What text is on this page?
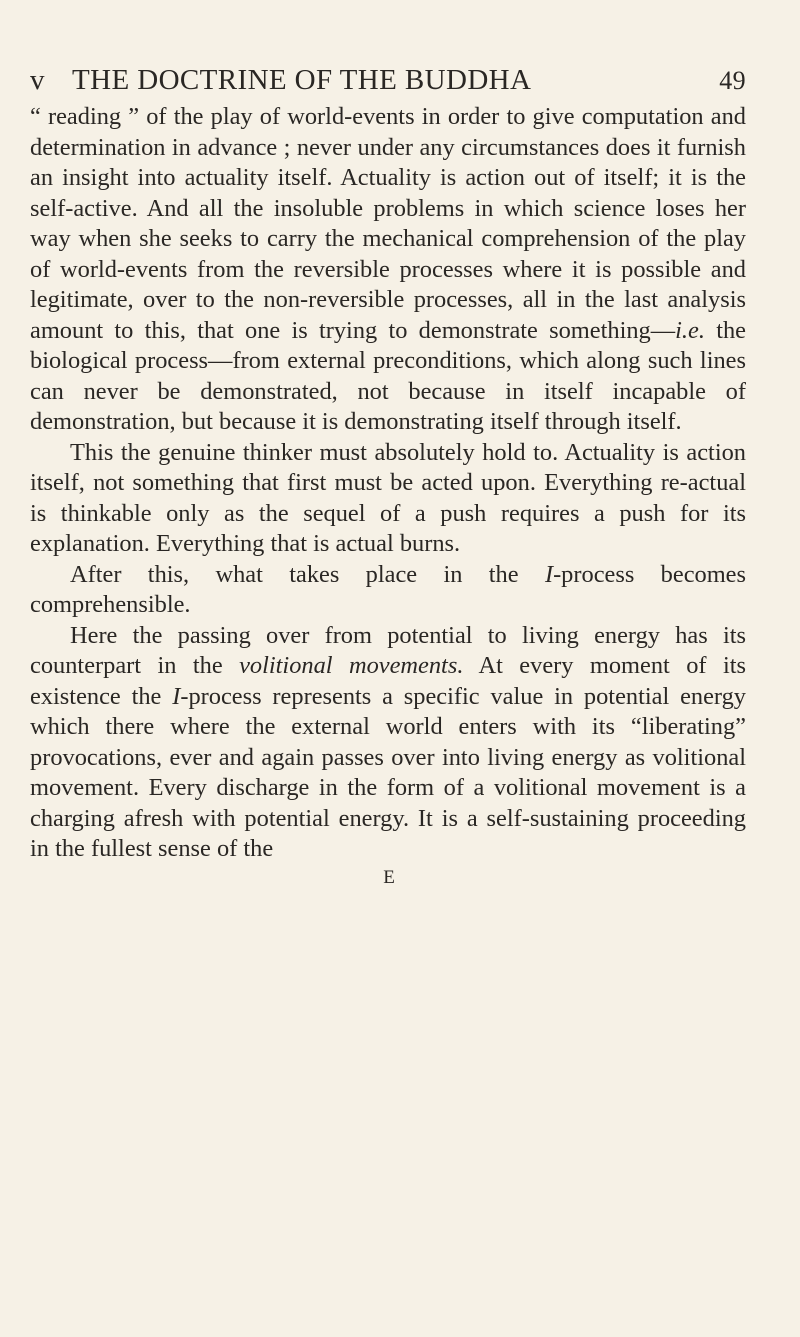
v THE DOCTRINE OF THE BUDDHA	49

“ reading ” of the play of world-events in order to give computation and determination in advance ; never under any circumstances does it furnish an insight into actuality itself. Actuality is action out of itself; it is the self-active. And all the insoluble problems in which science loses her way when she seeks to carry the mechanical comprehension of the play of world-events from the reversible processes where it is possible and legitimate, over to the non-reversible processes, all in the last analysis amount to this, that one is trying to demonstrate something—i.e. the biological process—from external preconditions, which along such lines can never be demonstrated, not because in itself incapable of demonstration, but because it is demonstrating itself through itself.

This the genuine thinker must absolutely hold to. Actuality is action itself, not something that first must be acted upon. Everything re-actual is thinkable only as the sequel of a push requires a push for its explanation. Everything that is actual burns.

After this, what takes place in the I-process becomes comprehensible.

Here the passing over from potential to living energy has its counterpart in the volitional movements. At every moment of its existence the I-process represents a specific value in potential energy which there where the external world enters with its “liberating” provocations, ever and again passes over into living energy as volitional movement. Every discharge in the form of a volitional movement is a charging afresh with potential energy. It is a self-sustaining proceeding in the fullest sense of the

E
